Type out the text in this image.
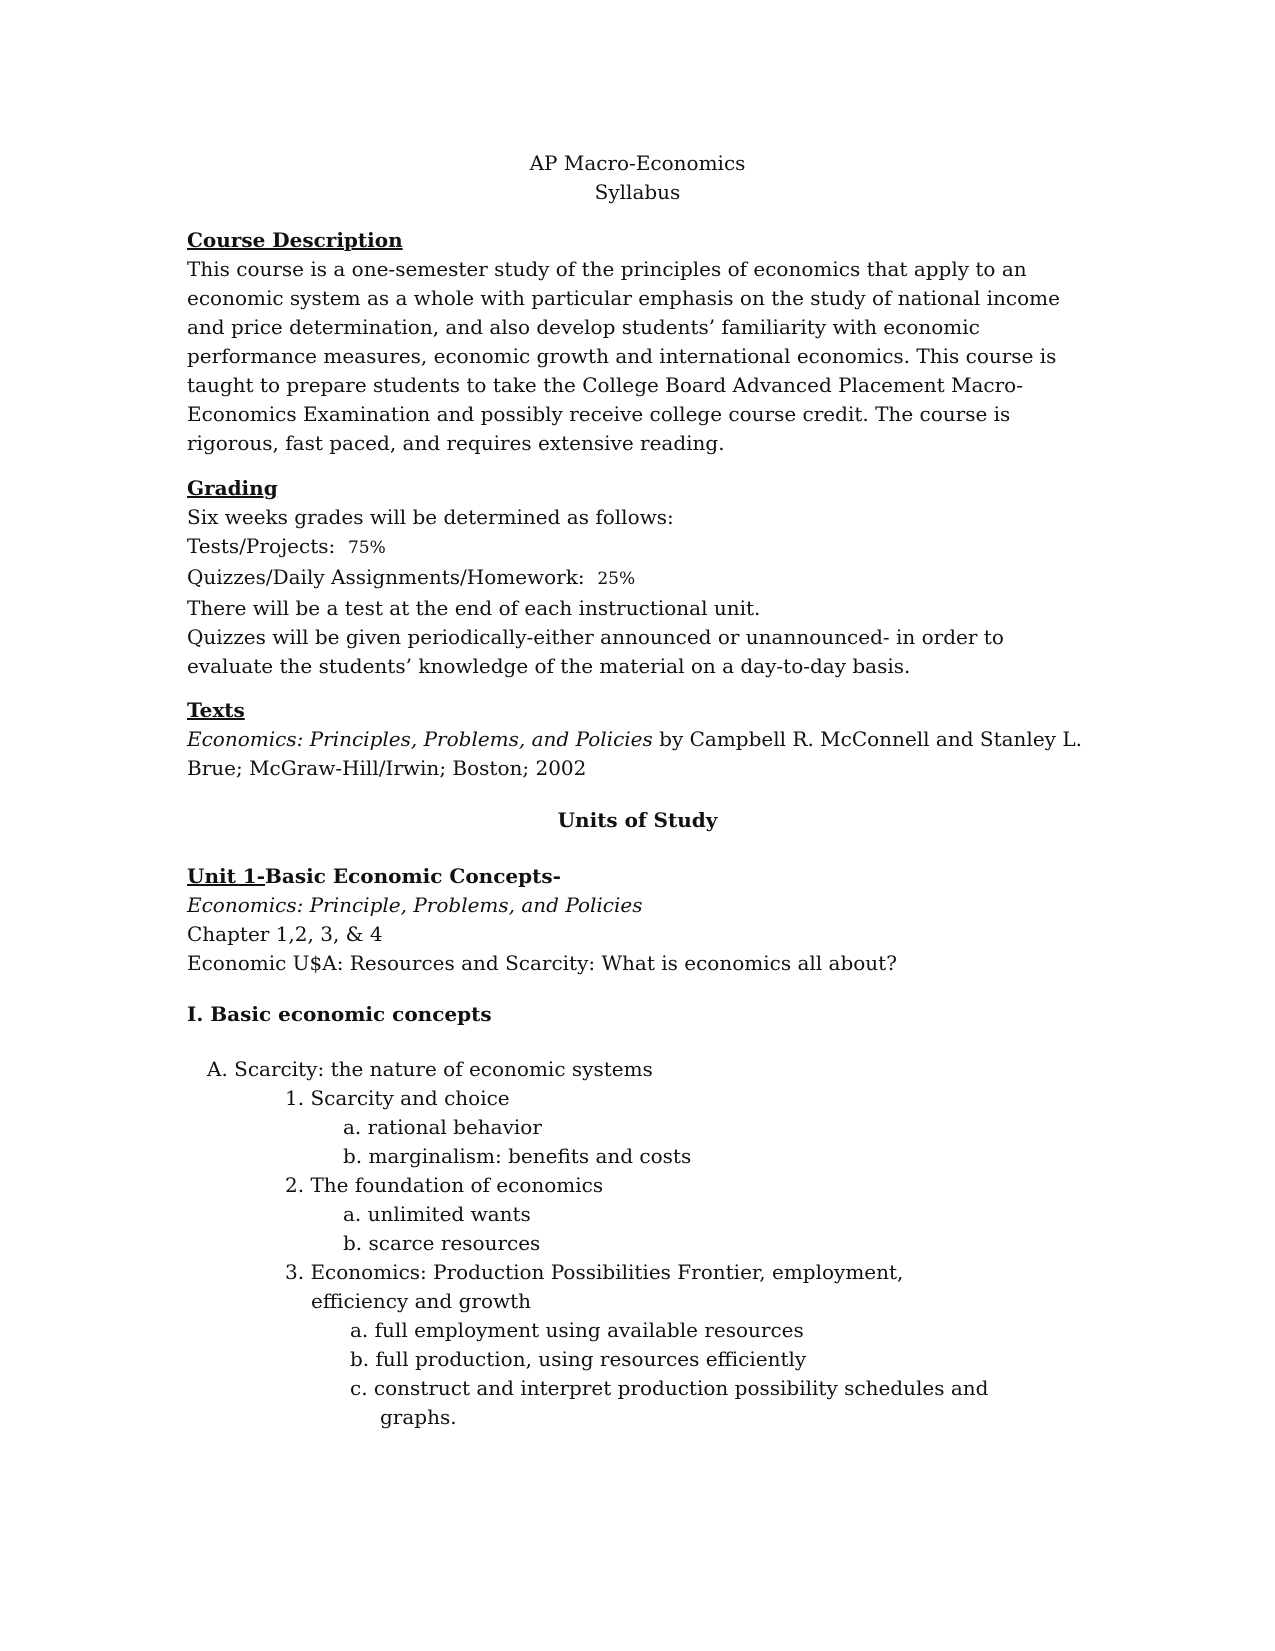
AP Macro-Economics
Syllabus
Course Description
This course is a one-semester study of the principles of economics that apply to an
economic system as a whole with particular emphasis on the study of national income
and price determination, and also develop students’ familiarity with economic
performance measures, economic growth and international economics. This course is
taught to prepare students to take the College Board Advanced Placement Macro-
Economics Examination and possibly receive college course credit. The course is
rigorous, fast paced, and requires extensive reading.
Grading
Six weeks grades will be determined as follows:
Tests/Projects: 75%
Quizzes/Daily Assignments/Homework: 25%
There will be a test at the end of each instructional unit.
Quizzes will be given periodically-either announced or unannounced- in order to
evaluate the students’ knowledge of the material on a day-to-day basis.
Texts
Economics: Principles, Problems, and Policies by Campbell R. McConnell and Stanley L.
Brue; McGraw-Hill/Irwin; Boston; 2002
Units of Study
Unit 1-Basic Economic Concepts-
Economics: Principle, Problems, and Policies
Chapter 1,2, 3, & 4
Economic U$A: Resources and Scarcity: What is economics all about?
I. Basic economic concepts
A. Scarcity: the nature of economic systems
1. Scarcity and choice
a. rational behavior
b. marginalism: benefits and costs
2. The foundation of economics
a. unlimited wants
b. scarce resources
3. Economics: Production Possibilities Frontier, employment,
efficiency and growth
a. full employment using available resources
b. full production, using resources efficiently
c. construct and interpret production possibility schedules and
graphs.
